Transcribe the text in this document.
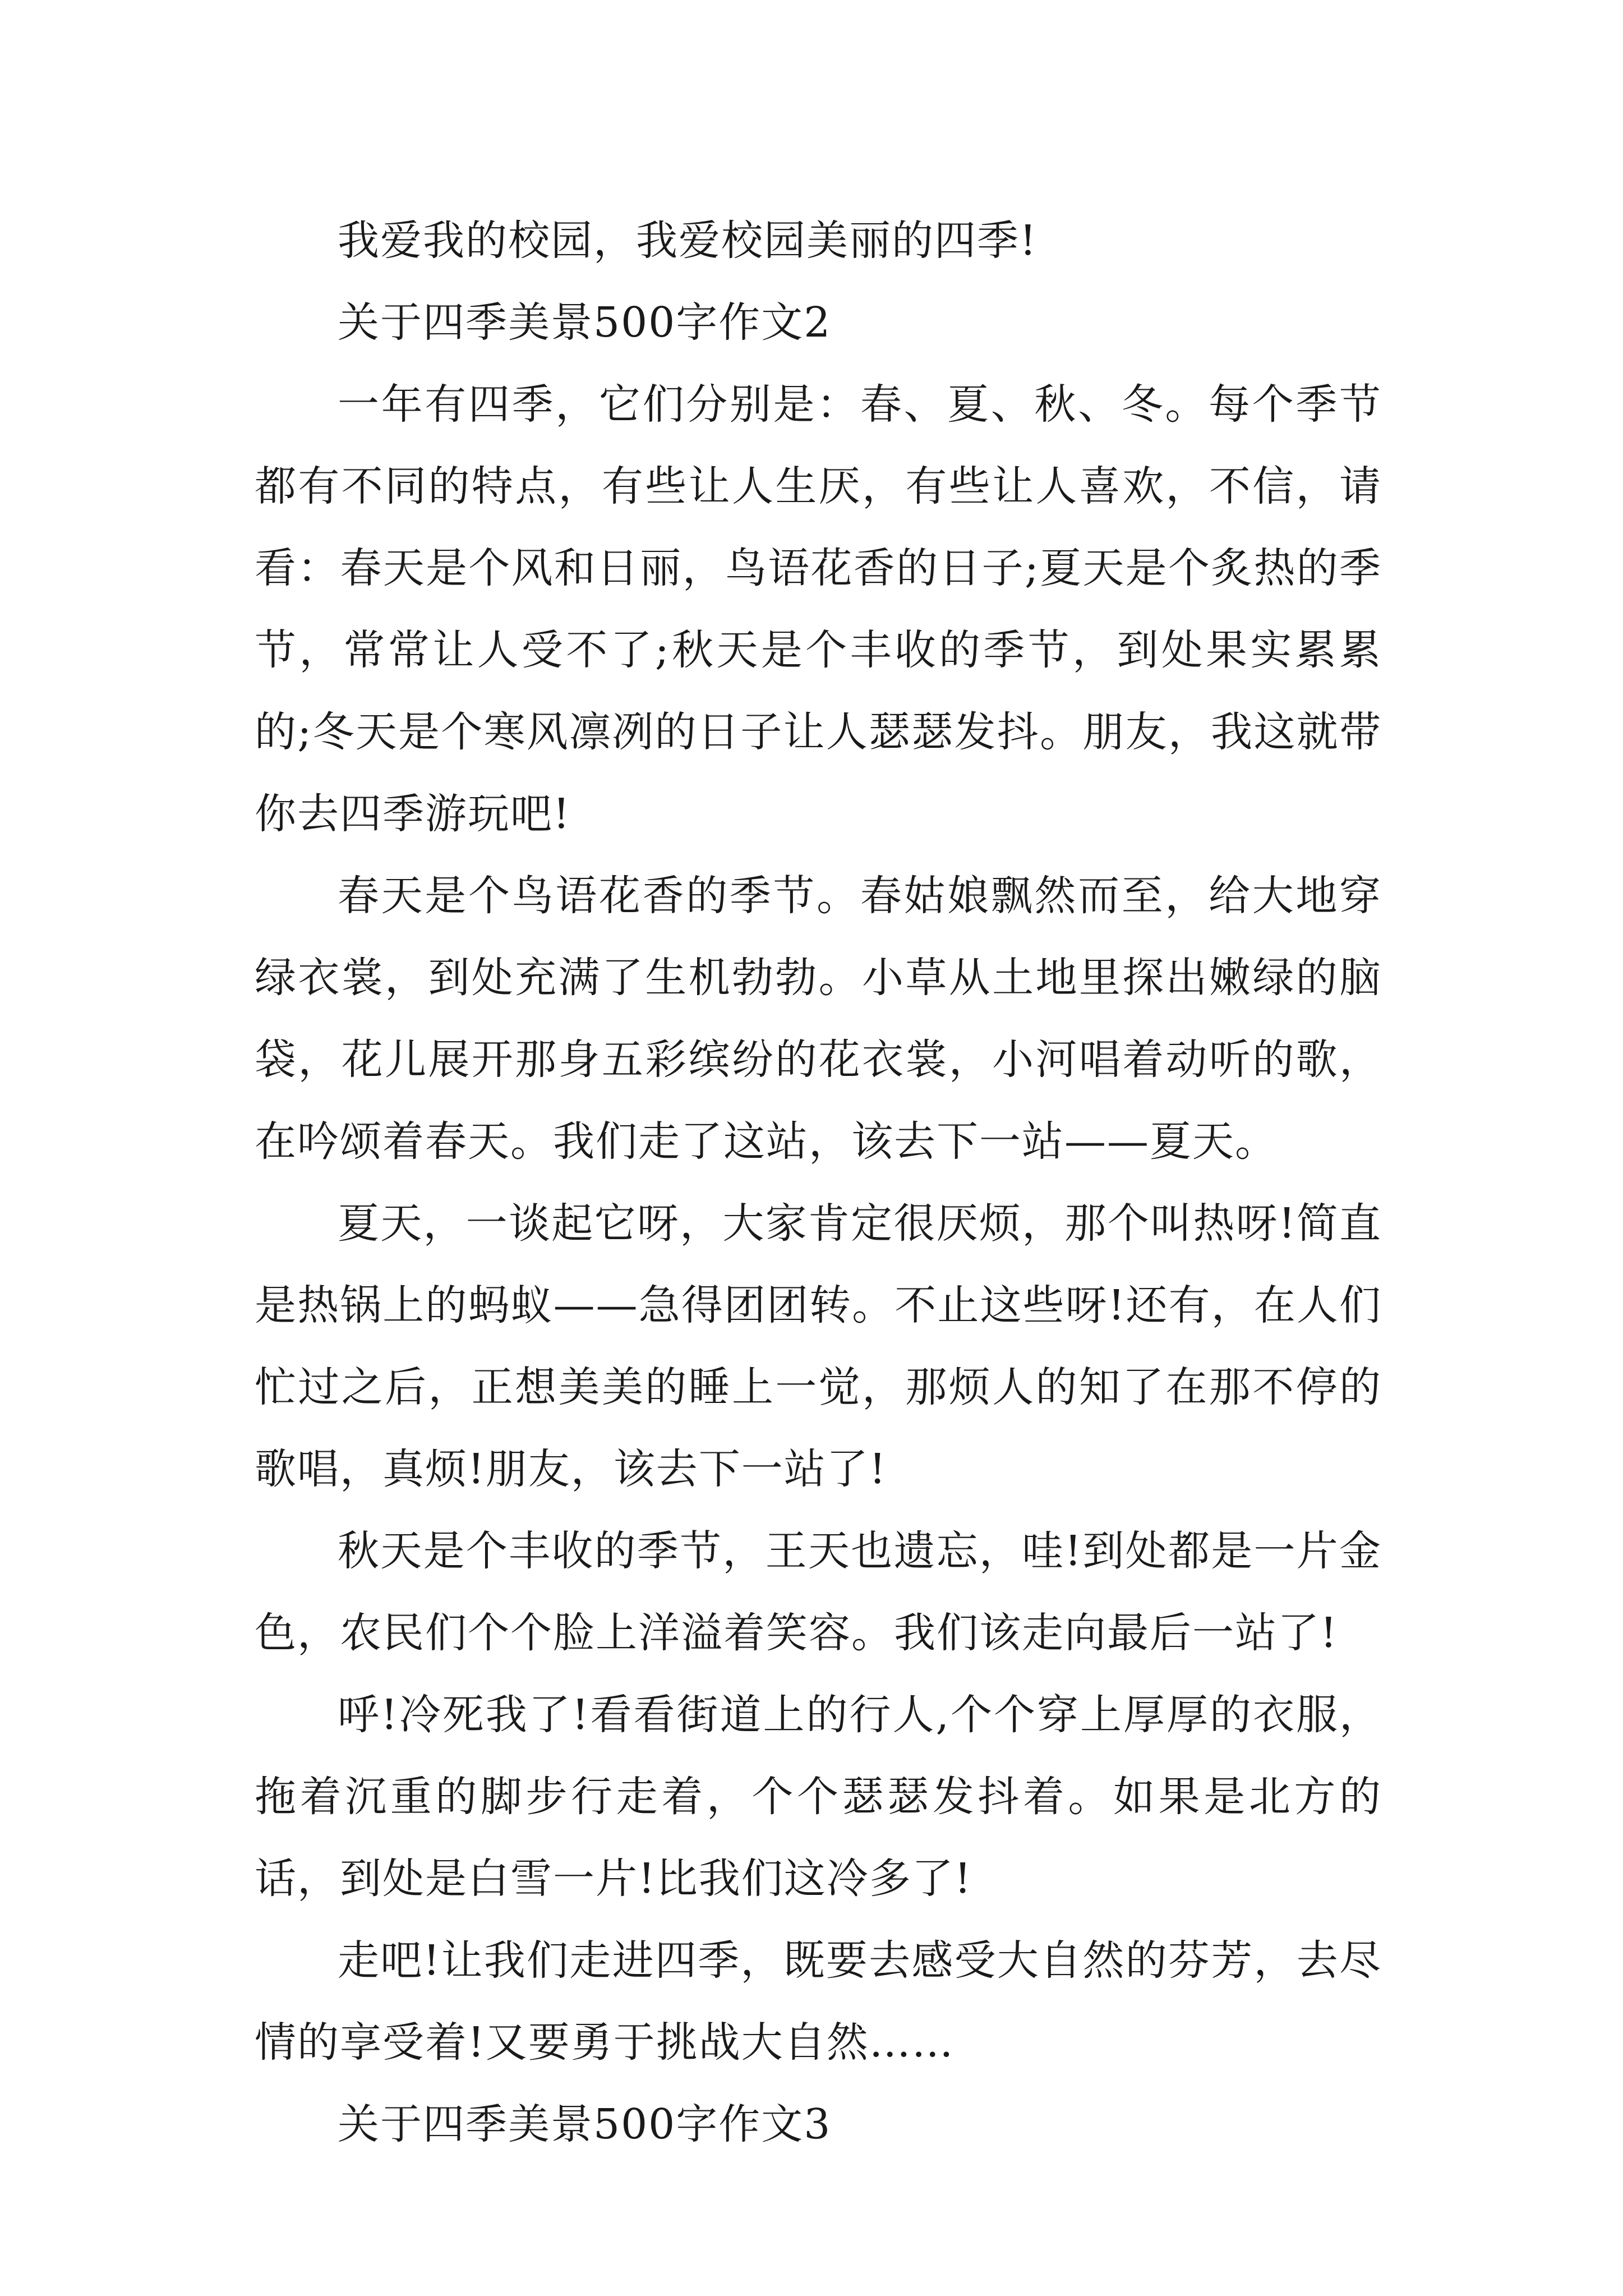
我爱我的校园，我爱校园美丽的四季!

关于四季美景500字作文2

一年有四季，它们分别是：春、夏、秋、冬。每个季节都有不同的特点，有些让人生厌，有些让人喜欢，不信，请看：春天是个风和日丽，鸟语花香的日子;夏天是个炙热的季节，常常让人受不了;秋天是个丰收的季节，到处果实累累的;冬天是个寒风凛冽的日子让人瑟瑟发抖。朋友，我这就带你去四季游玩吧!

春天是个鸟语花香的季节。春姑娘飘然而至，给大地穿绿衣裳，到处充满了生机勃勃。小草从土地里探出嫩绿的脑袋，花儿展开那身五彩缤纷的花衣裳，小河唱着动听的歌，在吟颂着春天。我们走了这站，该去下一站——夏天。

夏天，一谈起它呀，大家肯定很厌烦，那个叫热呀!简直是热锅上的蚂蚁——急得团团转。不止这些呀!还有，在人们忙过之后，正想美美的睡上一觉，那烦人的知了在那不停的歌唱，真烦!朋友，该去下一站了!

秋天是个丰收的季节，王天也遗忘，哇!到处都是一片金色，农民们个个脸上洋溢着笑容。我们该走向最后一站了!

呼!冷死我了!看看街道上的行人,个个穿上厚厚的衣服，拖着沉重的脚步行走着，个个瑟瑟发抖着。如果是北方的话，到处是白雪一片!比我们这冷多了!

走吧!让我们走进四季，既要去感受大自然的芬芳，去尽情的享受着!又要勇于挑战大自然……

关于四季美景500字作文3
